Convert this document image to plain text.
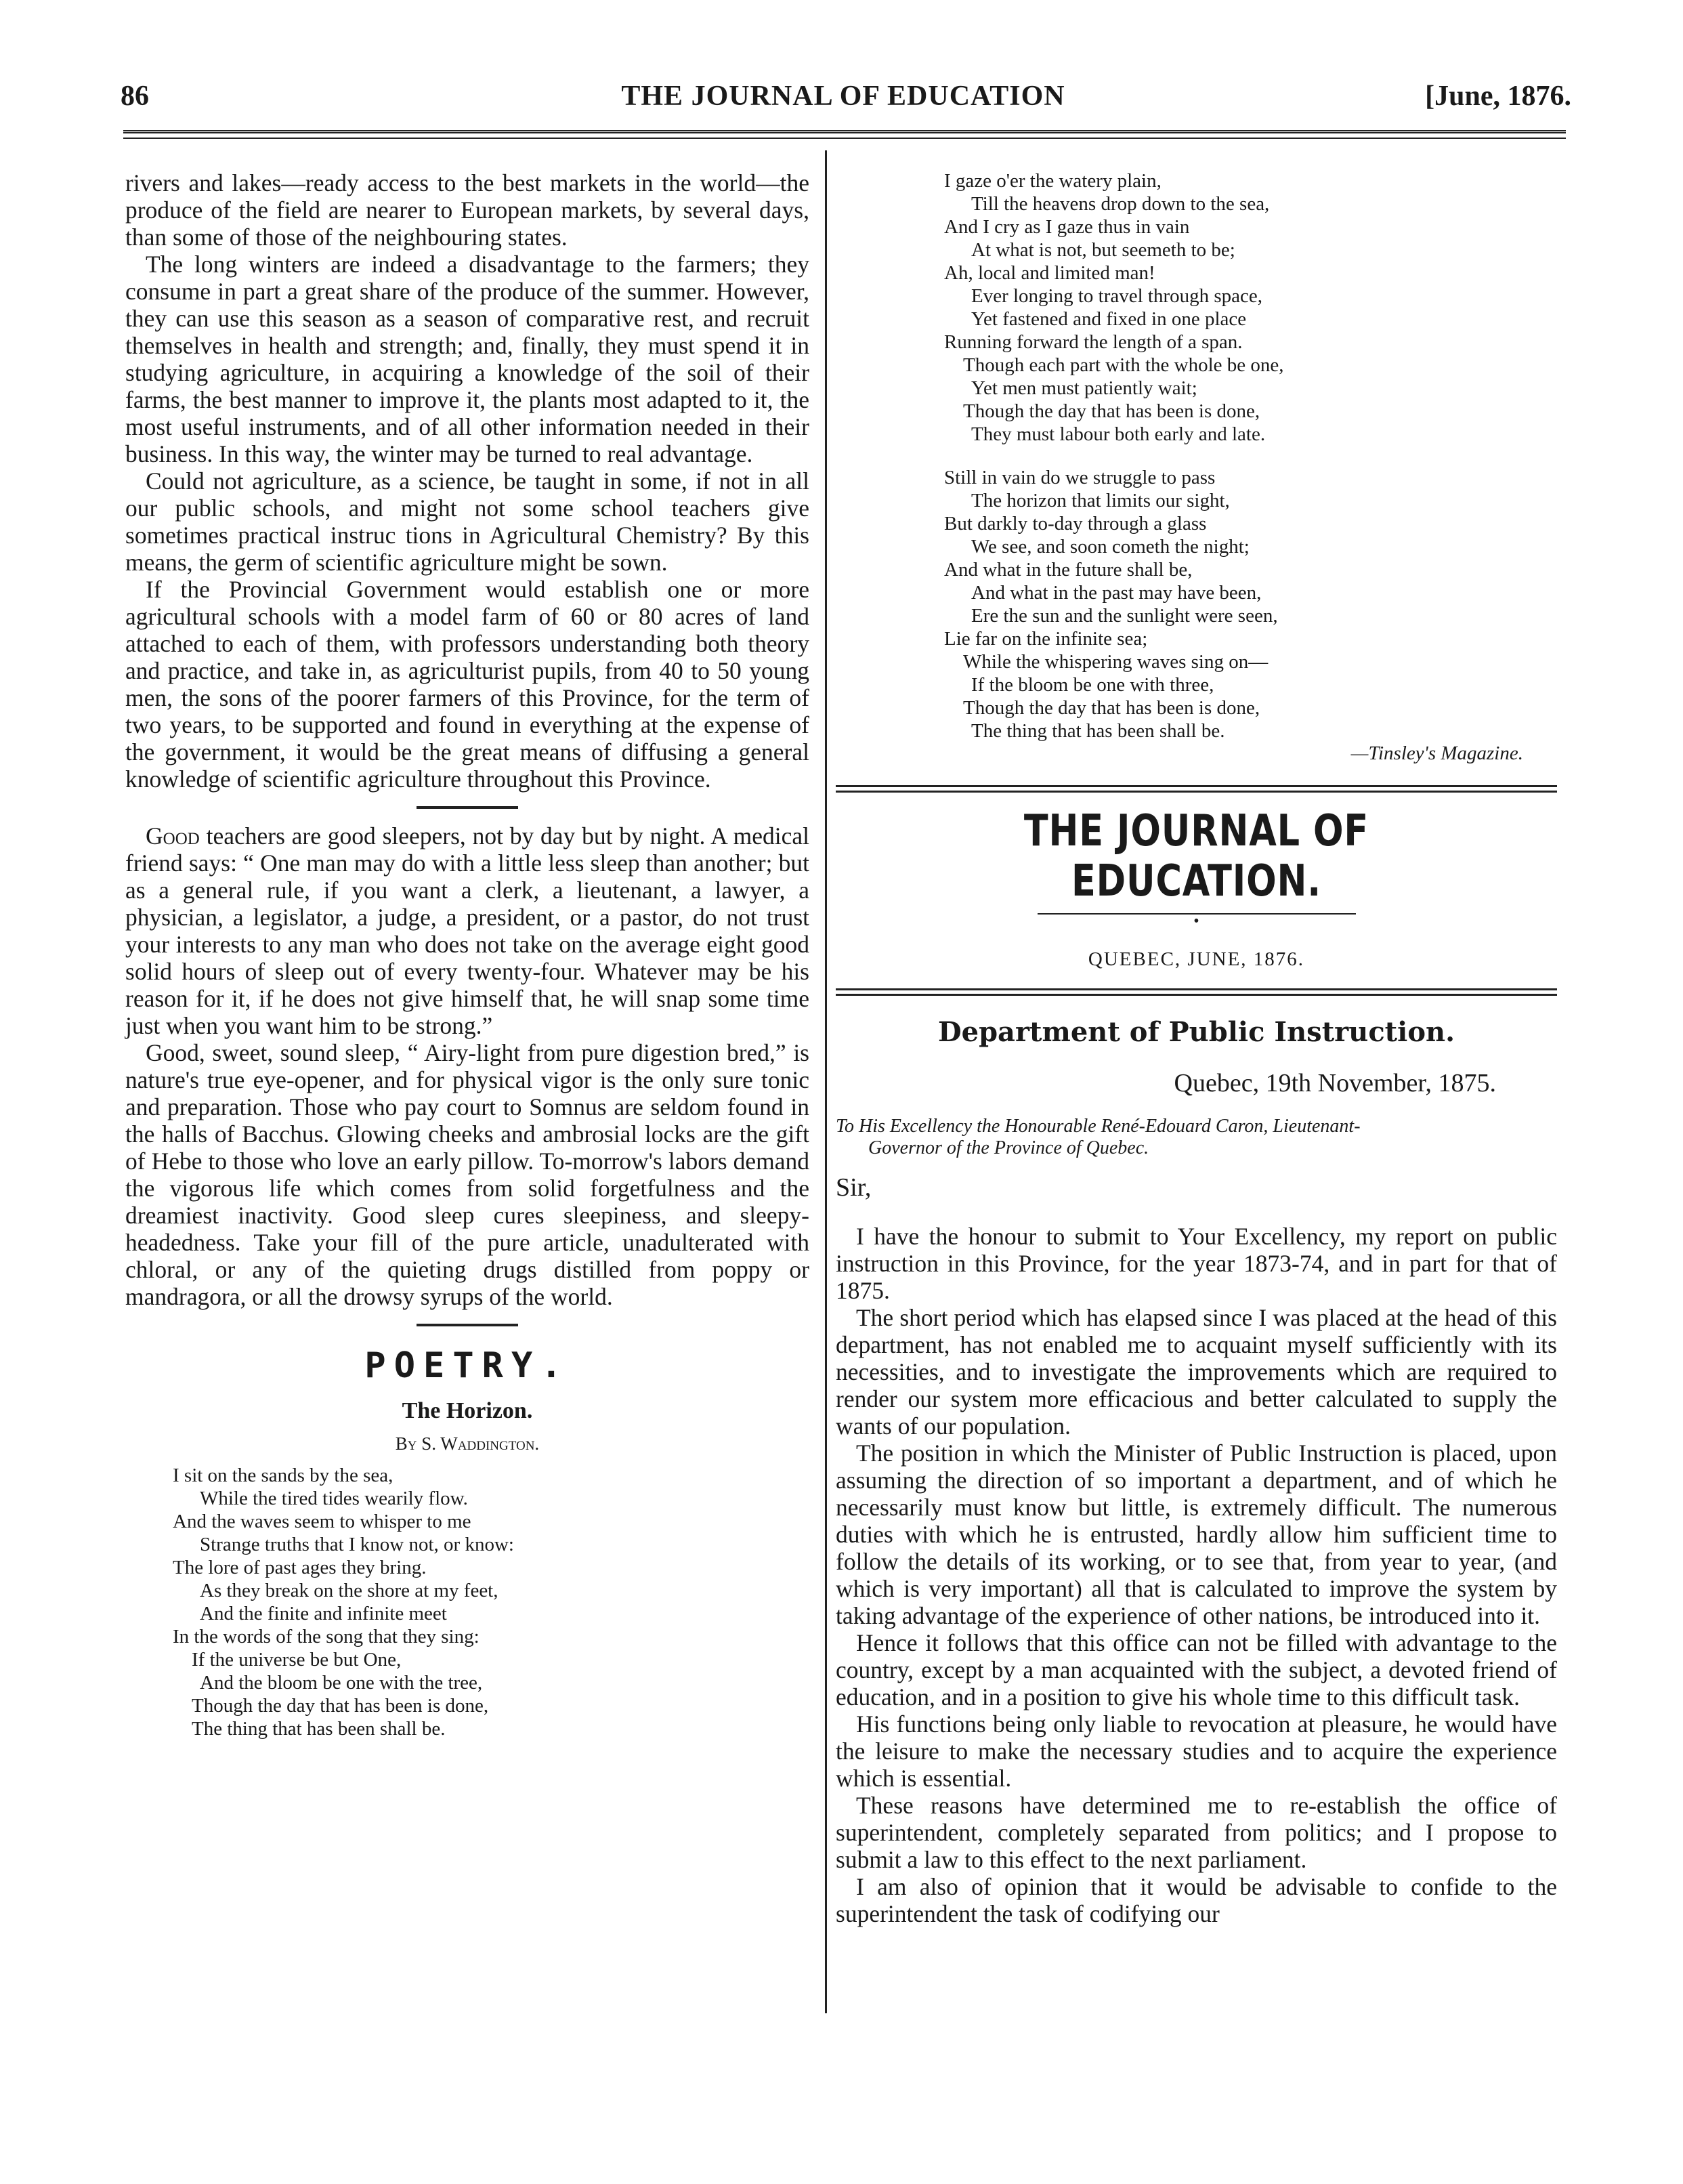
86	THE JOURNAL OF EDUCATION	[June, 1876.

rivers and lakes—ready access to the best markets in the world—the produce of the field are nearer to European markets, by several days, than some of those of the neighbouring states.

The long winters are indeed a disadvantage to the farmers; they consume in part a great share of the produce of the summer. However, they can use this season as a season of comparative rest, and recruit themselves in health and strength; and, finally, they must spend it in studying agriculture, in acquiring a knowledge of the soil of their farms, the best manner to improve it, the plants most adapted to it, the most useful instruments, and of all other information needed in their business. In this way, the winter may be turned to real advantage.

Could not agriculture, as a science, be taught in some, if not in all our public schools, and might not some school teachers give sometimes practical instruc tions in Agricultural Chemistry? By this means, the germ of scientific agriculture might be sown.

If the Provincial Government would establish one or more agricultural schools with a model farm of 60 or 80 acres of land attached to each of them, with professors understanding both theory and practice, and take in, as agriculturist pupils, from 40 to 50 young men, the sons of the poorer farmers of this Province, for the term of two years, to be supported and found in everything at the expense of the government, it would be the great means of diffusing a general knowledge of scientific agriculture throughout this Province.

Good teachers are good sleepers, not by day but by night. A medical friend says: “ One man may do with a little less sleep than another; but as a general rule, if you want a clerk, a lieutenant, a lawyer, a physician, a legislator, a judge, a president, or a pastor, do not trust your interests to any man who does not take on the average eight good solid hours of sleep out of every twenty-four. Whatever may be his reason for it, if he does not give himself that, he will snap some time just when you want him to be strong.”

Good, sweet, sound sleep, “ Airy-light from pure digestion bred,” is nature's true eye-opener, and for physical vigor is the only sure tonic and preparation. Those who pay court to Somnus are seldom found in the halls of Bacchus. Glowing cheeks and ambrosial locks are the gift of Hebe to those who love an early pillow. To-morrow's labors demand the vigorous life which comes from solid forgetfulness and the dreamiest inactivity. Good sleep cures sleepiness, and sleepy-headedness. Take your fill of the pure article, unadulterated with chloral, or any of the quieting drugs distilled from poppy or mandragora, or all the drowsy syrups of the world.

POETRY.
The Horizon.
By S. Waddington.
I sit on the sands by the sea,
While the tired tides wearily flow.
And the waves seem to whisper to me
Strange truths that I know not, or know:
The lore of past ages they bring.
As they break on the shore at my feet,
And the finite and infinite meet
In the words of the song that they sing:
If the universe be but One,
And the bloom be one with the tree,
Though the day that has been is done,
The thing that has been shall be.
I gaze o'er the watery plain,
Till the heavens drop down to the sea,
And I cry as I gaze thus in vain
At what is not, but seemeth to be;
Ah, local and limited man!
Ever longing to travel through space,
Yet fastened and fixed in one place
Running forward the length of a span.
Though each part with the whole be one,
Yet men must patiently wait;
Though the day that has been is done,
They must labour both early and late.
Still in vain do we struggle to pass
The horizon that limits our sight,
But darkly to-day through a glass
We see, and soon cometh the night;
And what in the future shall be,
And what in the past may have been,
Ere the sun and the sunlight were seen,
Lie far on the infinite sea;
While the whispering waves sing on—
If the bloom be one with three,
Though the day that has been is done,
The thing that has been shall be.
—Tinsley's Magazine.
THE JOURNAL OF EDUCATION.
•
QUEBEC, JUNE, 1876.
Department of Public Instruction.
Quebec, 19th November, 1875.
To His Excellency the Honourable René-Edouard Caron, Lieutenant-
Governor of the Province of Quebec.
Sir,

I have the honour to submit to Your Excellency, my report on public instruction in this Province, for the year 1873-74, and in part for that of 1875.

The short period which has elapsed since I was placed at the head of this department, has not enabled me to acquaint myself sufficiently with its necessities, and to investigate the improvements which are required to render our system more efficacious and better calculated to supply the wants of our population.

The position in which the Minister of Public Instruction is placed, upon assuming the direction of so important a department, and of which he necessarily must know but little, is extremely difficult. The numerous duties with which he is entrusted, hardly allow him sufficient time to follow the details of its working, or to see that, from year to year, (and which is very important) all that is calculated to improve the system by taking advantage of the experience of other nations, be introduced into it.

Hence it follows that this office can not be filled with advantage to the country, except by a man acquainted with the subject, a devoted friend of education, and in a position to give his whole time to this difficult task.

His functions being only liable to revocation at pleasure, he would have the leisure to make the necessary studies and to acquire the experience which is essential.

These reasons have determined me to re-establish the office of superintendent, completely separated from politics; and I propose to submit a law to this effect to the next parliament.

I am also of opinion that it would be advisable to confide to the superintendent the task of codifying our
